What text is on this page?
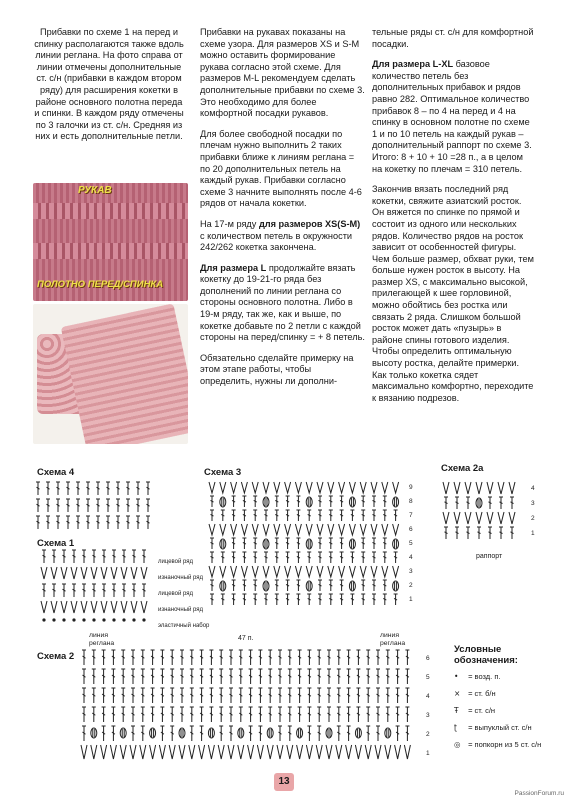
Прибавки по схеме 1 на перед и спинку располагаются также вдоль линии реглана. На фото справа от линии отмечены дополнительные ст. с/н (прибавки в каждом втором ряду) для расширения кокетки в районе основного полотна переда и спинки. В каждом ряду отмечены по 3 галочки из ст. с/н. Средняя из них и есть дополнительные петли.

РУКАВ
ПОЛОТНО ПЕРЕД/СПИНКА

Прибавки на рукавах показаны на схеме узора. Для размеров XS и S-M можно оставить формирование рукава согласно этой схеме. Для размеров M-L рекомендуем сделать дополнительные прибавки по схеме 3. Это необходимо для более комфортной посадки рукавов.

Для более свободной посадки по плечам нужно выполнить 2 таких прибавки ближе к линиям реглана = по 20 дополнительных петель на каждый рукав. Прибавки согласно схеме 3 начните выполнять после 4-6 рядов от начала кокетки.

На 17-м ряду для размеров XS(S-M) с количеством петель в окружности 242/262 кокетка закончена.

Для размера L продолжайте вязать кокетку до 19-21-го ряда без дополнений по линии реглана со стороны основного полотна. Либо в 19-м ряду, так же, как и выше, по кокетке добавьте по 2 петли с каждой стороны на перед/спинку = + 8 петель.

Обязательно сделайте примерку на этом этапе работы, чтобы определить, нужны ли дополни-

тельные ряды ст. с/н для комфортной посадки.

Для размера L-XL базовое количество петель без дополнительных прибавок и рядов равно 282. Оптимальное количество прибавок 8 – по 4 на перед и 4 на спинку в основном полотне по схеме 1 и по 10 петель на каждый рукав – дополнительный раппорт по схеме 3. Итого: 8 + 10 + 10 =28 п., а в целом на кокетку по плечам = 310 петель.

Закончив вязать последний ряд кокетки, свяжите азиатский росток. Он вяжется по спинке по прямой и состоит из одного или нескольких рядов. Количество рядов на росток зависит от особенностей фигуры. Чем больше размер, обхват руки, тем больше нужен росток в высоту. На размер XS, с максимально высокой, прилегающей к шее горловиной, можно обойтись без ростка или связать 2 ряда. Слишком большой росток может дать «пузырь» в районе спины готового изделия. Чтобы определить оптимальную высоту ростка, делайте примерки. Как только кокетка сядет максимально комфортно, переходите к вязанию подрезов.

Схема 4	Схема 3
9
8
7
6
5
4
3
2
1
Схема 2a
4
3
2
1
раппорт
Схема 1
лицевой ряд
изнаночный ряд
лицевой ряд
изнаночный ряд
эластичный набор
Схема 2
линия реглана
линия реглана
47 п.
6
5
4
3
2
1
Условные обозначения:
• = возд. п.
× = ст. б/н
Ŧ = ст. с/н
ʈ = выпуклый ст. с/н
◎ = попкорн из 5 ст. с/н
13
PassionForum.ru
